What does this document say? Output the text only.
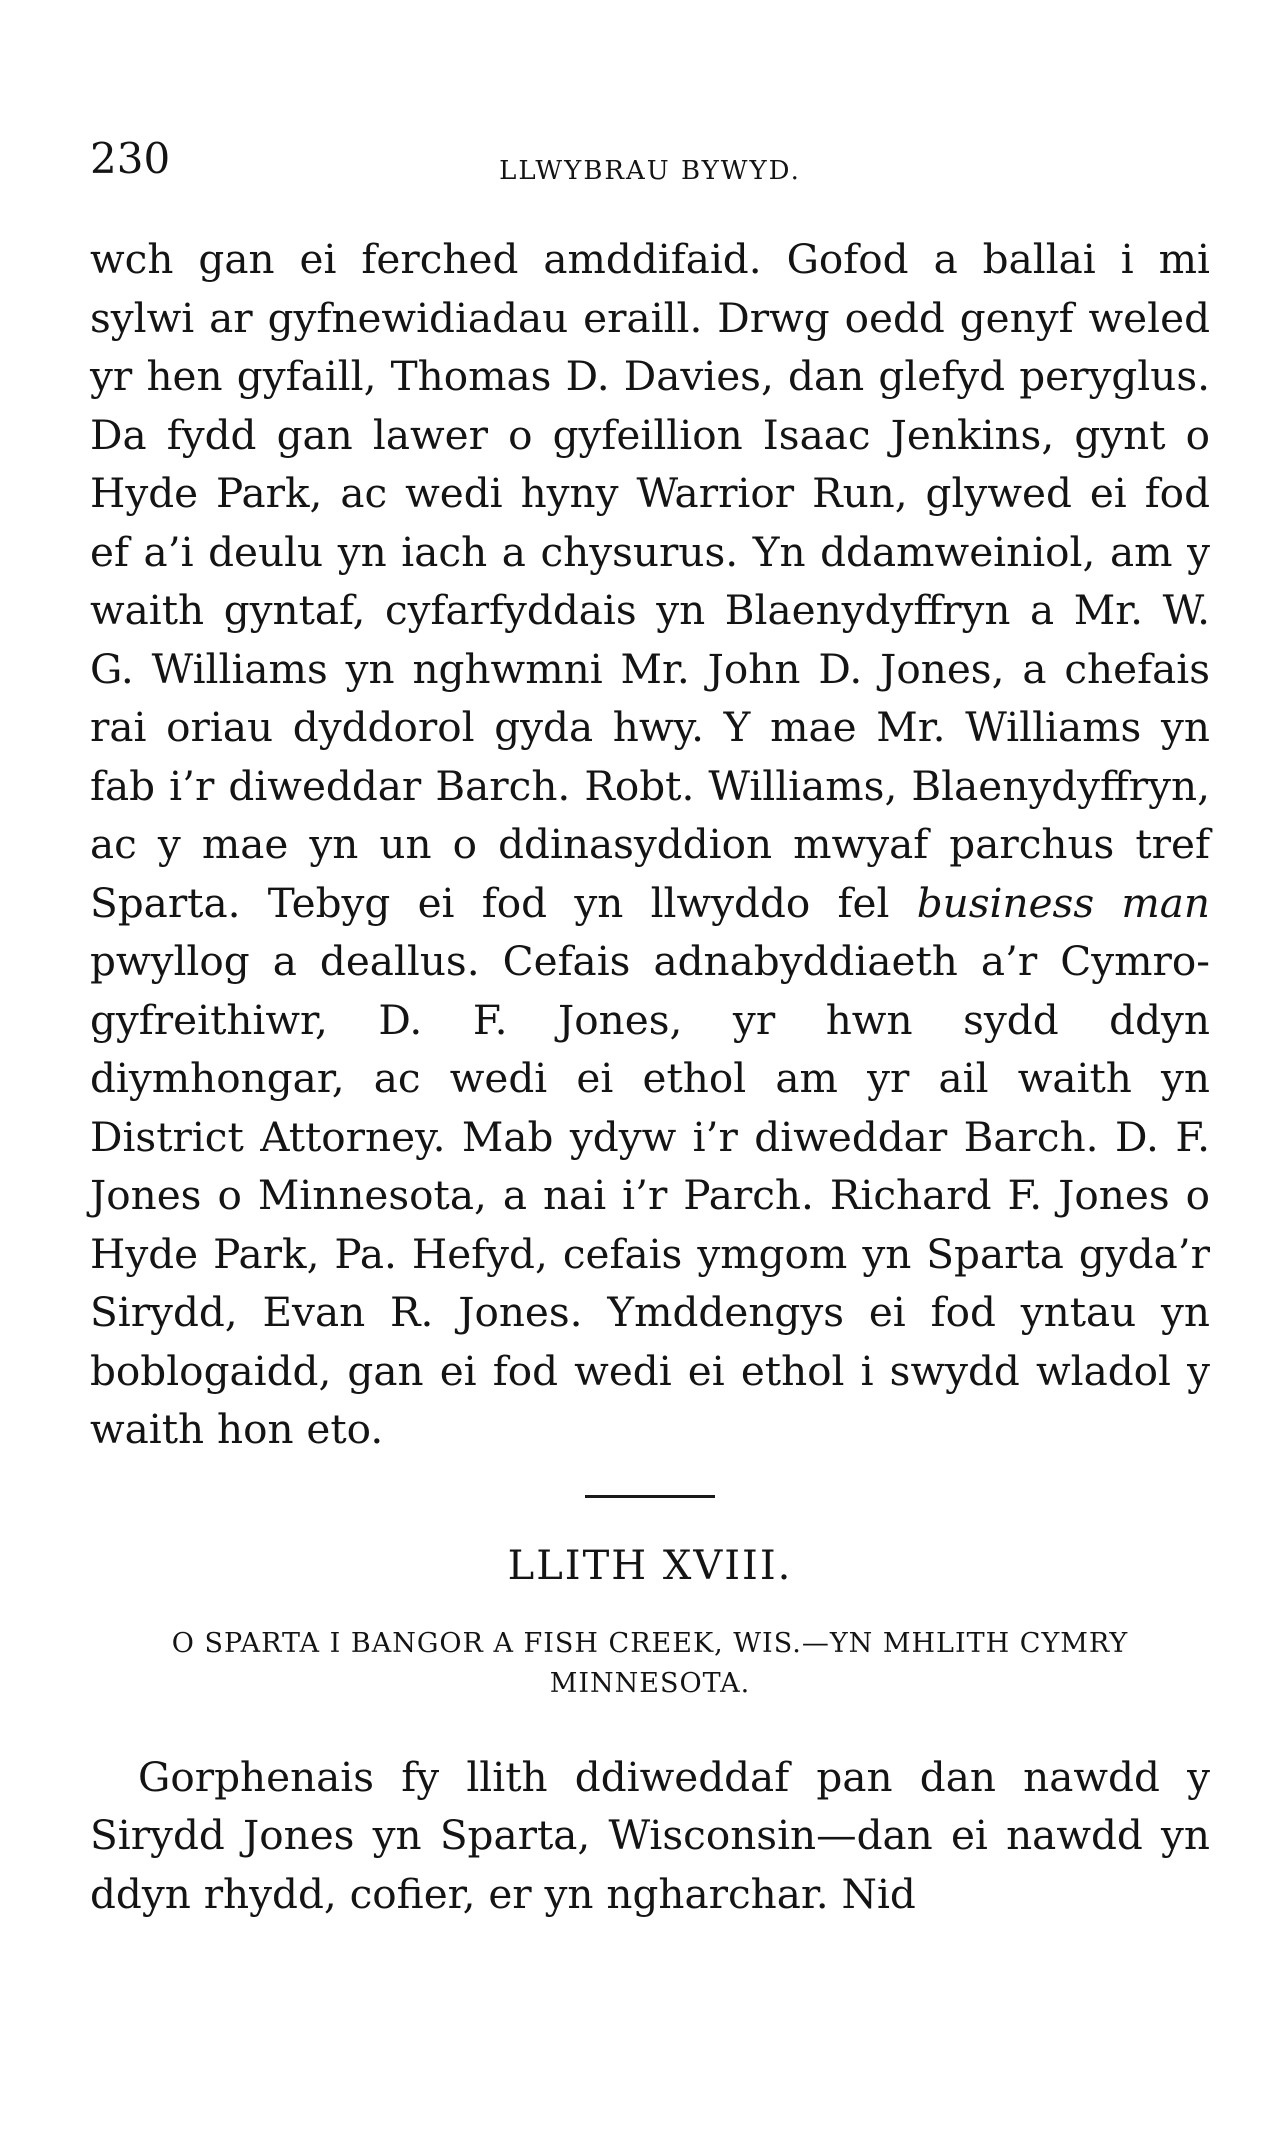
230	LLWYBRAU BYWYD.

wch gan ei ferched amddifaid. Gofod a ballai i mi sylwi ar gyfnewidiadau eraill. Drwg oedd genyf weled yr hen gyfaill, Thomas D. Davies, dan glefyd peryglus. Da fydd gan lawer o gyfeillion Isaac Jenkins, gynt o Hyde Park, ac wedi hyny Warrior Run, glywed ei fod ef a’i deulu yn iach a chysurus. Yn ddamweiniol, am y waith gyntaf, cyfarfyddais yn Blaenydyffryn a Mr. W. G. Williams yn nghwmni Mr. John D. Jones, a chefais rai oriau dyddorol gyda hwy. Y mae Mr. Williams yn fab i’r diweddar Barch. Robt. Williams, Blaenydyffryn, ac y mae yn un o ddinasyddion mwyaf parchus tref Sparta. Tebyg ei fod yn llwyddo fel business man pwyllog a deallus. Cefais adnabyddiaeth a’r Cymro-gyfreithiwr, D. F. Jones, yr hwn sydd ddyn diymhongar, ac wedi ei ethol am yr ail waith yn District Attorney. Mab ydyw i’r diweddar Barch. D. F. Jones o Minnesota, a nai i’r Parch. Richard F. Jones o Hyde Park, Pa. Hefyd, cefais ymgom yn Sparta gyda’r Sirydd, Evan R. Jones. Ymddengys ei fod yntau yn boblogaidd, gan ei fod wedi ei ethol i swydd wladol y waith hon eto.

LLITH XVIII.
O SPARTA I BANGOR A FISH CREEK, WIS.—YN MHLITH CYMRY MINNESOTA.

Gorphenais fy llith ddiweddaf pan dan nawdd y Sirydd Jones yn Sparta, Wisconsin—dan ei nawdd yn ddyn rhydd, cofier, er yn ngharchar. Nid
